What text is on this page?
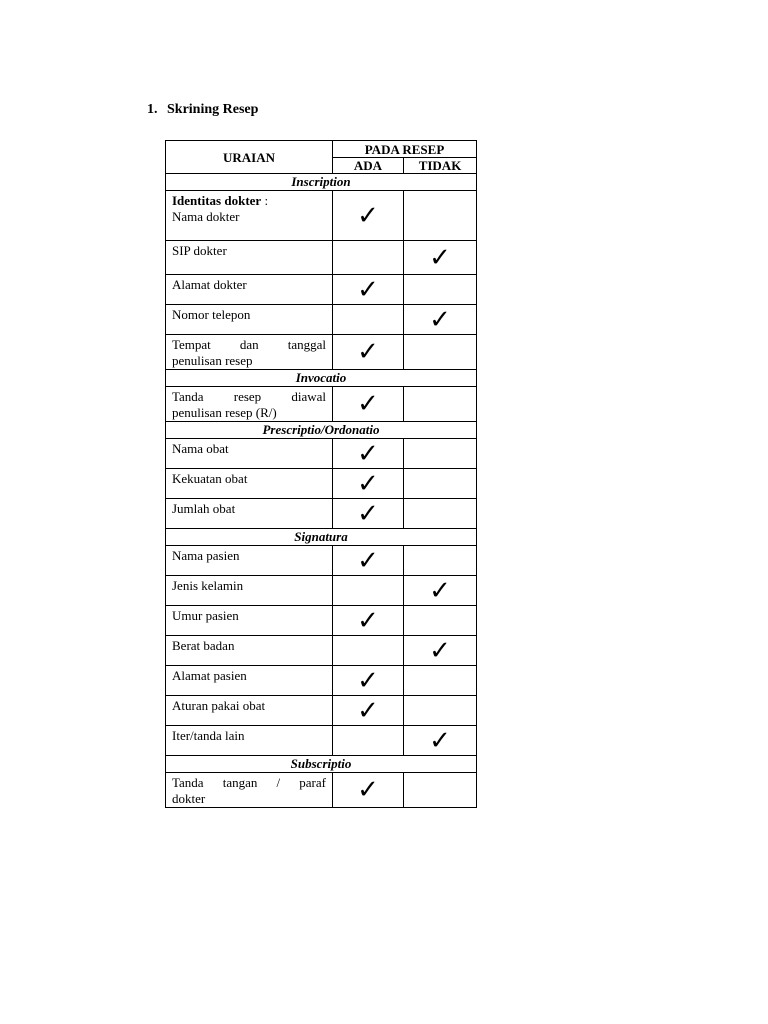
1. Skrining Resep
URAIAN	PADA RESEP	
	ADA	TIDAK
Inscription		

Identitas dokter :
Nama dokter	✓	

SIP dokter		✓

Alamat dokter	✓	

Nomor telepon		✓

Tempat dan tanggal
penulisan resep	✓	
Invocatio		

Tanda resep diawal
penulisan resep (R/)	✓	
Prescriptio/Ordonatio		

Nama obat	✓	

Kekuatan obat	✓	

Jumlah obat	✓	
Signatura		

Nama pasien	✓	

Jenis kelamin		✓

Umur pasien	✓	

Berat badan		✓

Alamat pasien	✓	

Aturan pakai obat	✓	

Iter/tanda lain		✓
Subscriptio		

Tanda tangan / paraf
dokter	✓	
